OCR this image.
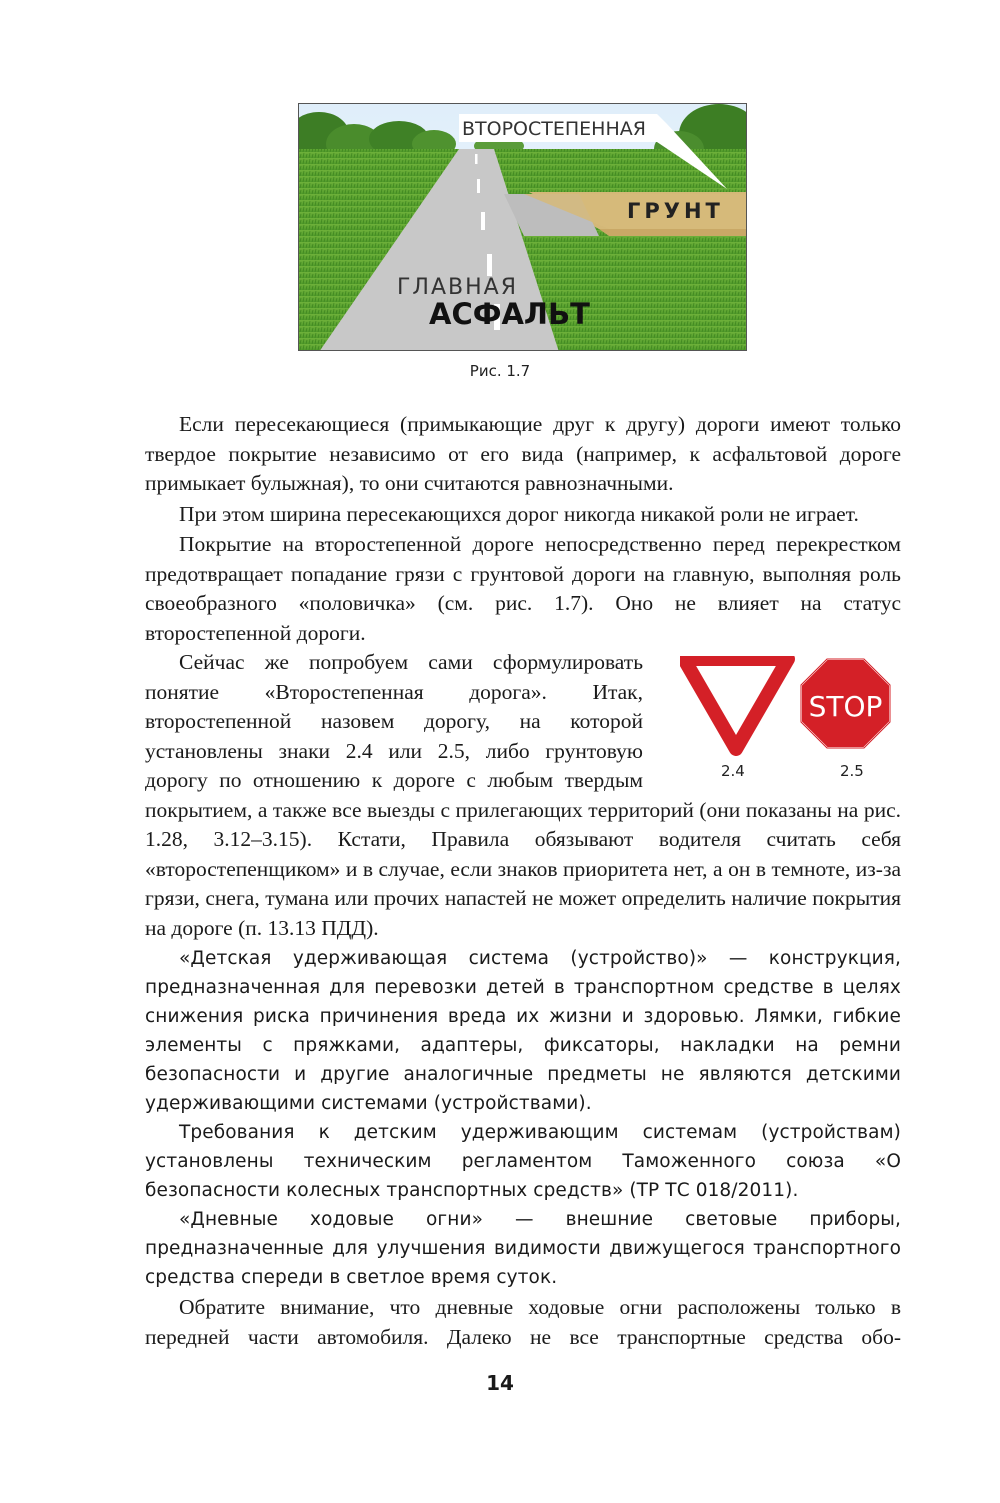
ВТОРОСТЕПЕННАЯ
ГРУНТ
ГЛАВНАЯ
АСФАЛЬТ
Рис. 1.7

Если пересекающиеся (примыкающие друг к другу) дороги имеют только твердое покрытие независимо от его вида (например, к асфальтовой дороге примыкает булыжная), то они считаются равнозначными.

При этом ширина пересекающихся дорог никогда никакой роли не играет.

Покрытие на второстепенной дороге непосредственно перед перекрестком предотвращает попадание грязи с грунтовой дороги на главную, выполняя роль своеобразного «половичка» (см. рис. 1.7). Оно не влияет на статус второстепенной дороги.

Сейчас же попробуем сами сформулировать понятие «Второстепенная дорога». Итак, второстепенной назовем дорогу, на которой установлены знаки 2.4 или 2.5, либо грунтовую дорогу по отношению к дороге с любым твердым покрытием, а также все выезды с прилегающих территорий (они показаны на рис. 1.28, 3.12–3.15). Кстати, Правила обязывают водителя считать себя «второстепенщиком» и в случае, если знаков приоритета нет, а он в темноте, из-за грязи, снега, тумана или прочих напастей не может определить наличие покрытия на дороге (п. 13.13 ПДД).

STOP
2.4	2.5

«Детская удерживающая система (устройство)» — конструкция, предназначенная для перевозки детей в транспортном средстве в целях снижения риска причинения вреда их жизни и здоровью. Лямки, гибкие элементы с пряжками, адаптеры, фиксаторы, накладки на ремни безопасности и другие аналогичные предметы не являются детскими удерживающими системами (устройствами).

Требования к детским удерживающим системам (устройствам) установлены техническим регламентом Таможенного союза «О безопасности колесных транспортных средств» (ТР ТС 018/2011).

«Дневные ходовые огни» — внешние световые приборы, предназначенные для улучшения видимости движущегося транспортного средства спереди в светлое время суток.

Обратите внимание, что дневные ходовые огни расположены только в передней части автомобиля. Далеко не все транспортные средства обо-

14
